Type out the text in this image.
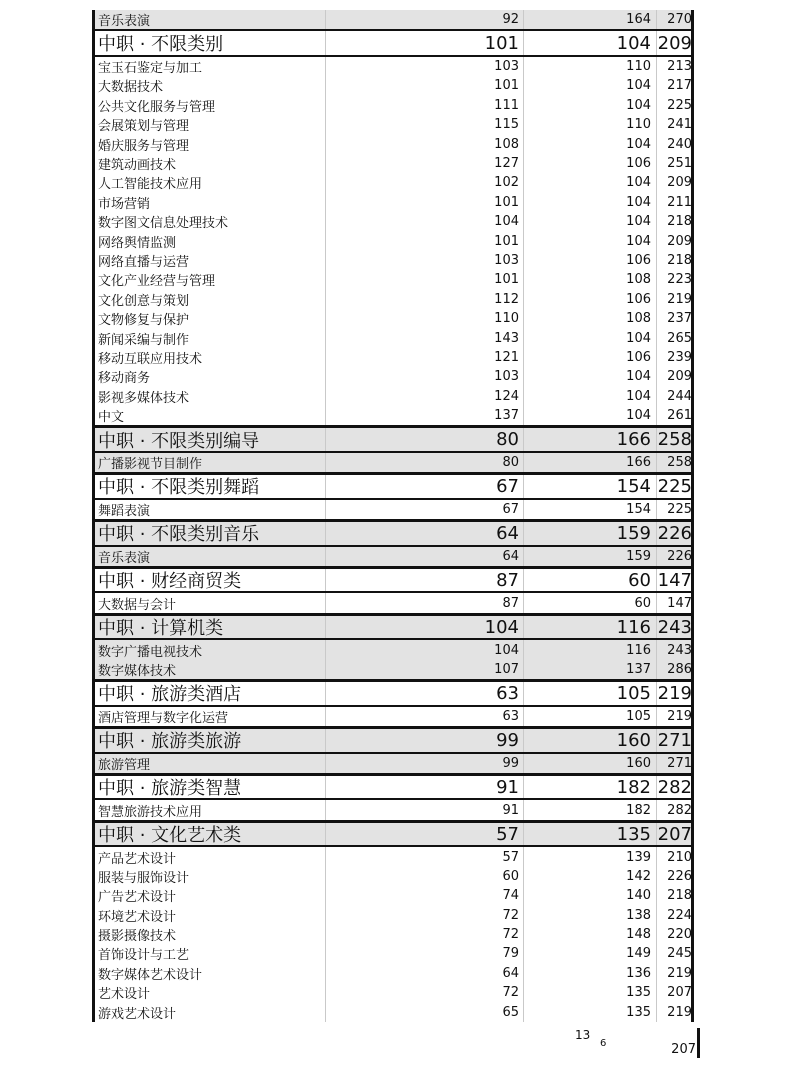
音乐表演	92	164	270
中职 · 不限类别	101	104 209
宝玉石鉴定与加工	103	110	213
大数据技术	101	104	217
公共文化服务与管理	111	104	225
会展策划与管理	115	110	241
婚庆服务与管理	108	104	240
建筑动画技术	127	106	251
人工智能技术应用	102	104	209
市场营销	101	104	211
数字图文信息处理技术	104	104	218
网络舆情监测	101	104	209
网络直播与运营	103	106	218
文化产业经营与管理	101	108	223
文化创意与策划	112	106	219
文物修复与保护	110	108	237
新闻采编与制作	143	104	265
移动互联应用技术	121	106	239
移动商务	103	104	209
影视多媒体技术	124	104	244
中文	137	104	261
中职 · 不限类别编导	80	166 258
广播影视节目制作	80	166	258
中职 · 不限类别舞蹈	67	154 225
舞蹈表演	67	154	225
中职 · 不限类别音乐	64	159 226
音乐表演	64	159	226
中职 · 财经商贸类	87	60 147
大数据与会计	87	60	147
中职 · 计算机类	104	116 243
数字广播电视技术	104	116	243
数字媒体技术	107	137	286
中职 · 旅游类酒店	63	105 219
酒店管理与数字化运营	63	105	219
中职 · 旅游类旅游	99	160 271
旅游管理	99	160	271
中职 · 旅游类智慧	91	182 282
智慧旅游技术应用	91	182	282
中职 · 文化艺术类	57	135 207
产品艺术设计	57	139	210
服装与服饰设计	60	142	226
广告艺术设计	74	140	218
环境艺术设计	72	138	224
摄影摄像技术	72	148	220
首饰设计与工艺	79	149	245
数字媒体艺术设计	64	136	219
艺术设计	72	135	207
游戏艺术设计	65	135	219
13
6	207
